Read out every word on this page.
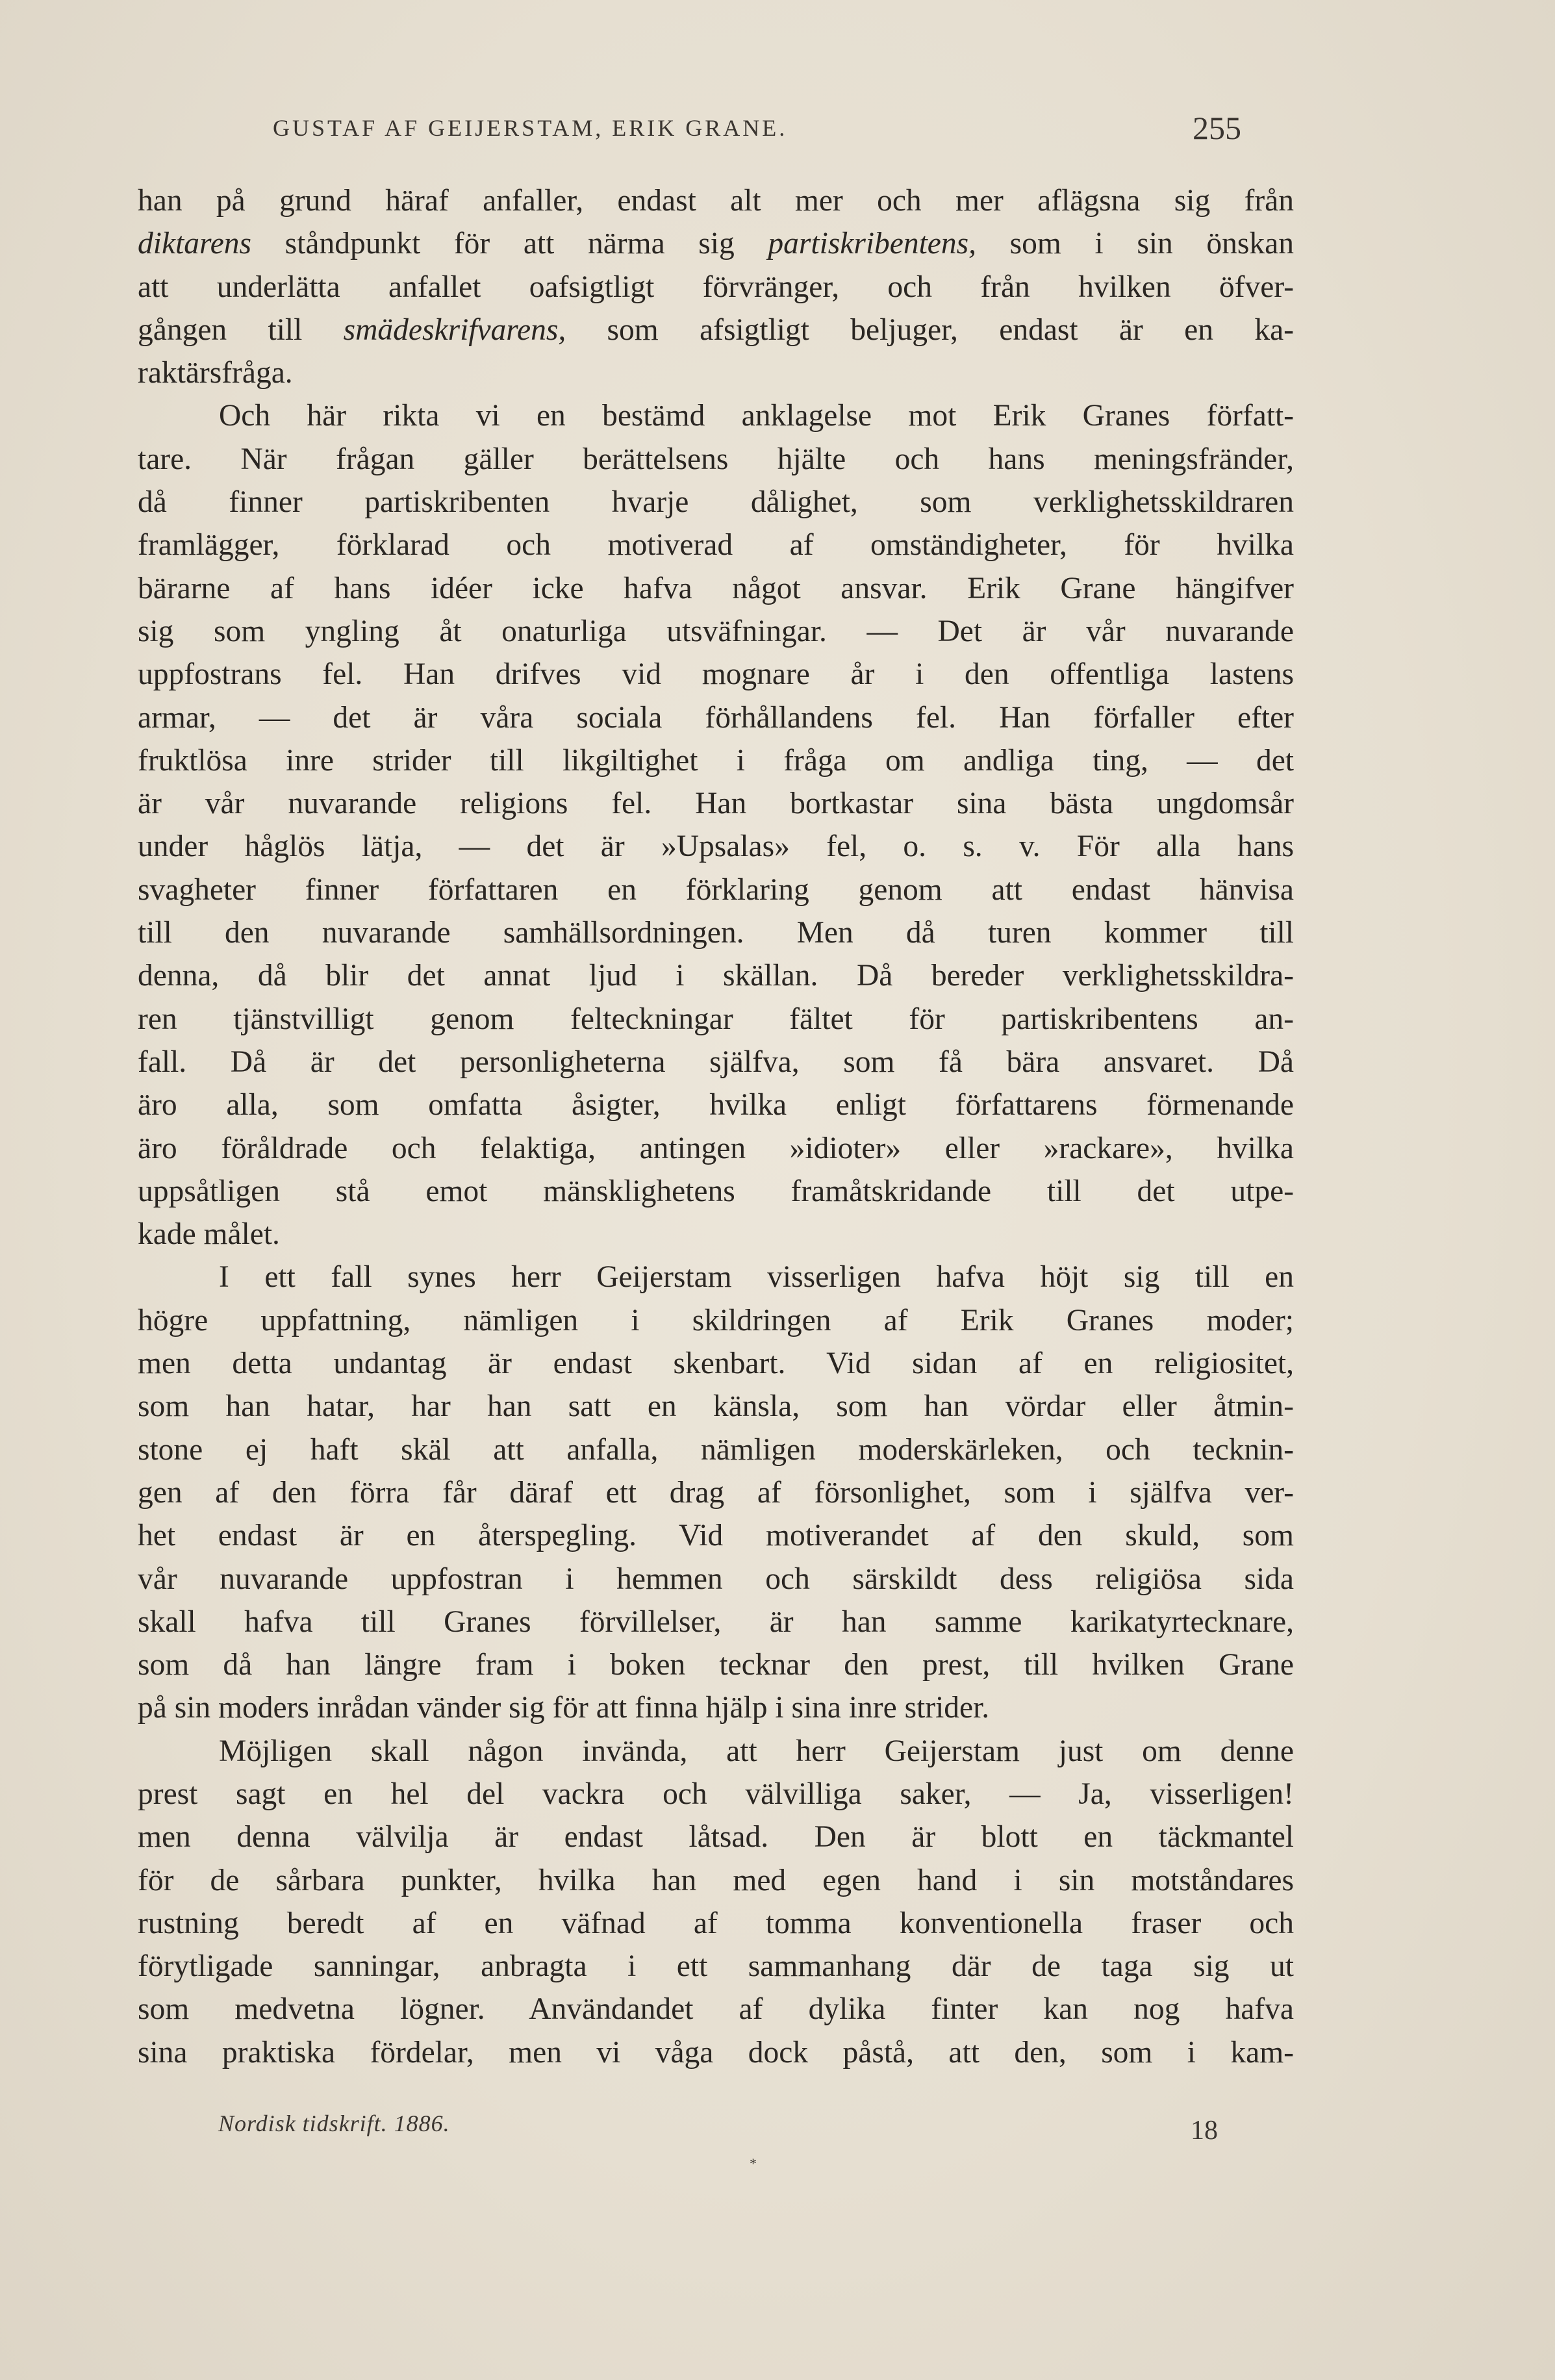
GUSTAF AF GEIJERSTAM, ERIK GRANE.	255
han på grund häraf anfaller, endast alt mer och mer aflägsna sig från
diktarens ståndpunkt för att närma sig partiskribentens, som i sin önskan
att underlätta anfallet oafsigtligt förvränger, och från hvilken öfver-
gången till smädeskrifvarens, som afsigtligt beljuger, endast är en ka-
raktärsfråga.
Och här rikta vi en bestämd anklagelse mot Erik Granes författ-
tare. När frågan gäller berättelsens hjälte och hans meningsfränder,
då finner partiskribenten hvarje dålighet, som verklighetsskildraren
framlägger, förklarad och motiverad af omständigheter, för hvilka
bärarne af hans idéer icke hafva något ansvar. Erik Grane hängifver
sig som yngling åt onaturliga utsväfningar. — Det är vår nuvarande
uppfostrans fel. Han drifves vid mognare år i den offentliga lastens
armar, — det är våra sociala förhållandens fel. Han förfaller efter
fruktlösa inre strider till likgiltighet i fråga om andliga ting, — det
är vår nuvarande religions fel. Han bortkastar sina bästa ungdomsår
under håglös lätja, — det är »Upsalas» fel, o. s. v. För alla hans
svagheter finner författaren en förklaring genom att endast hänvisa
till den nuvarande samhällsordningen. Men då turen kommer till
denna, då blir det annat ljud i skällan. Då bereder verklighetsskildra-
ren tjänstvilligt genom felteckningar fältet för partiskribentens an-
fall. Då är det personligheterna själfva, som få bära ansvaret. Då
äro alla, som omfatta åsigter, hvilka enligt författarens förmenande
äro föråldrade och felaktiga, antingen »idioter» eller »rackare», hvilka
uppsåtligen stå emot mänsklighetens framåtskridande till det utpe-
kade målet.
I ett fall synes herr Geijerstam visserligen hafva höjt sig till en
högre uppfattning, nämligen i skildringen af Erik Granes moder;
men detta undantag är endast skenbart. Vid sidan af en religiositet,
som han hatar, har han satt en känsla, som han vördar eller åtmin-
stone ej haft skäl att anfalla, nämligen moderskärleken, och tecknin-
gen af den förra får däraf ett drag af försonlighet, som i själfva ver-
het endast är en återspegling. Vid motiverandet af den skuld, som
vår nuvarande uppfostran i hemmen och särskildt dess religiösa sida
skall hafva till Granes förvillelser, är han samme karikatyrtecknare,
som då han längre fram i boken tecknar den prest, till hvilken Grane
på sin moders inrådan vänder sig för att finna hjälp i sina inre strider.
Möjligen skall någon invända, att herr Geijerstam just om denne
prest sagt en hel del vackra och välvilliga saker, — Ja, visserligen!
men denna välvilja är endast låtsad. Den är blott en täckmantel
för de sårbara punkter, hvilka han med egen hand i sin motståndares
rustning beredt af en väfnad af tomma konventionella fraser och
förytligade sanningar, anbragta i ett sammanhang där de taga sig ut
som medvetna lögner. Användandet af dylika finter kan nog hafva
sina praktiska fördelar, men vi våga dock påstå, att den, som i kam-
Nordisk tidskrift. 1886.	18
*
